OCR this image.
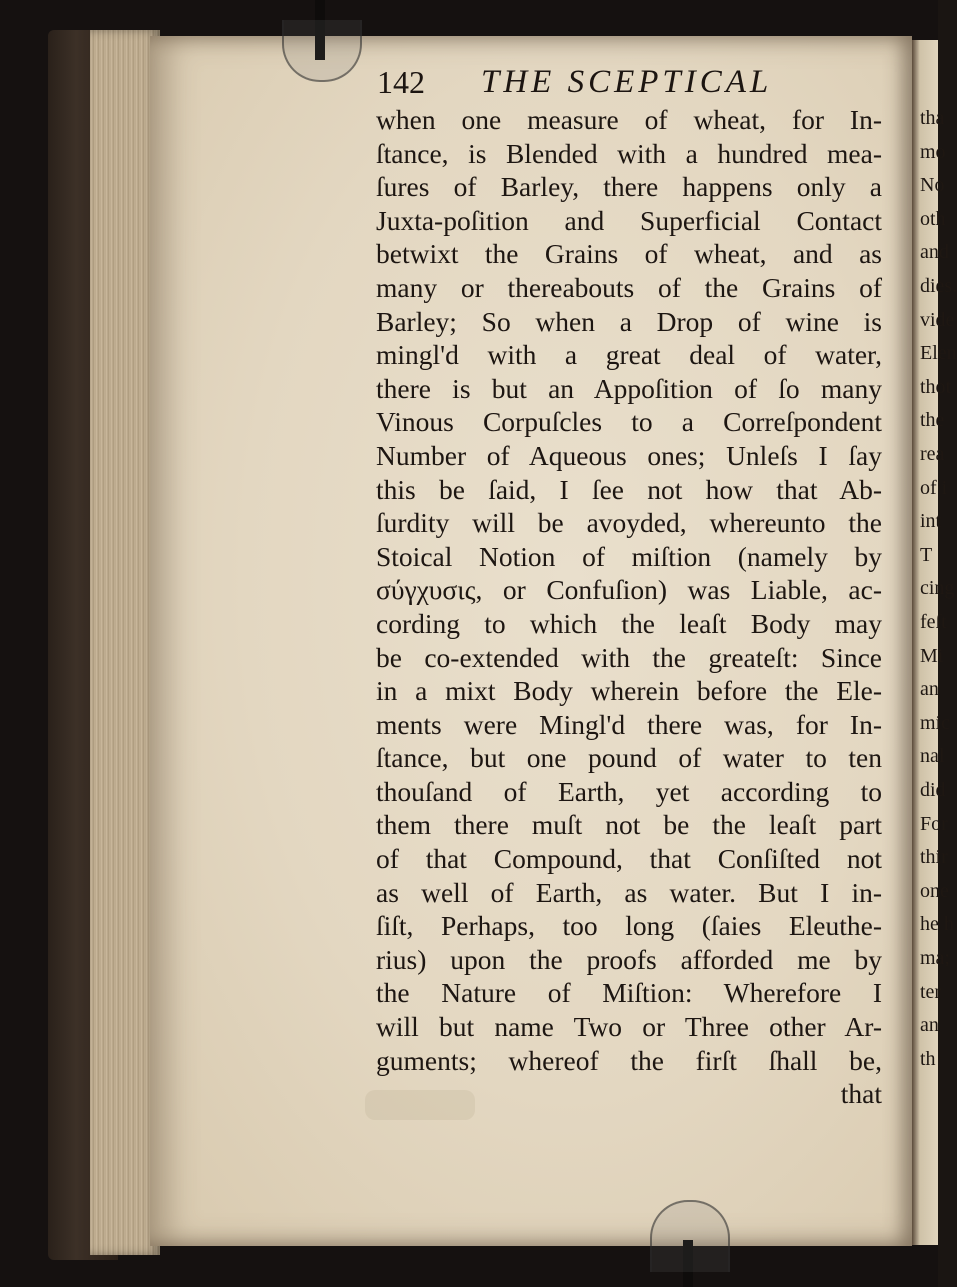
tha
mo
No
oth
and
dies.
vide
Elen
thot
the
rea
of i
int
T
cing
feſt
Mi
an
mic
nal
did
For
thir
one
he h
ma;
ter
an
th
142 THE SCEPTICAL
when one measure of wheat, for In-
ſtance, is Blended with a hundred mea-
ſures of Barley, there happens only a
Juxta-poſition and Superficial Contact
betwixt the Grains of wheat, and as
many or thereabouts of the Grains of
Barley; So when a Drop of wine is
mingl'd with a great deal of water,
there is but an Appoſition of ſo many
Vinous Corpuſcles to a Correſpondent
Number of Aqueous ones; Unleſs I ſay
this be ſaid, I ſee not how that Ab-
ſurdity will be avoyded, whereunto the
Stoical Notion of miſtion (namely by
σύγχυσις, or Confuſion) was Liable, ac-
cording to which the leaſt Body may
be co-extended with the greateſt: Since
in a mixt Body wherein before the Ele-
ments were Mingl'd there was, for In-
ſtance, but one pound of water to ten
thouſand of Earth, yet according to
them there muſt not be the leaſt part
of that Compound, that Conſiſted not
as well of Earth, as water. But I in-
ſiſt, Perhaps, too long (ſaies Eleuthe-
rius) upon the proofs afforded me by
the Nature of Miſtion: Wherefore I
will but name Two or Three other Ar-
guments; whereof the firſt ſhall be,
that
